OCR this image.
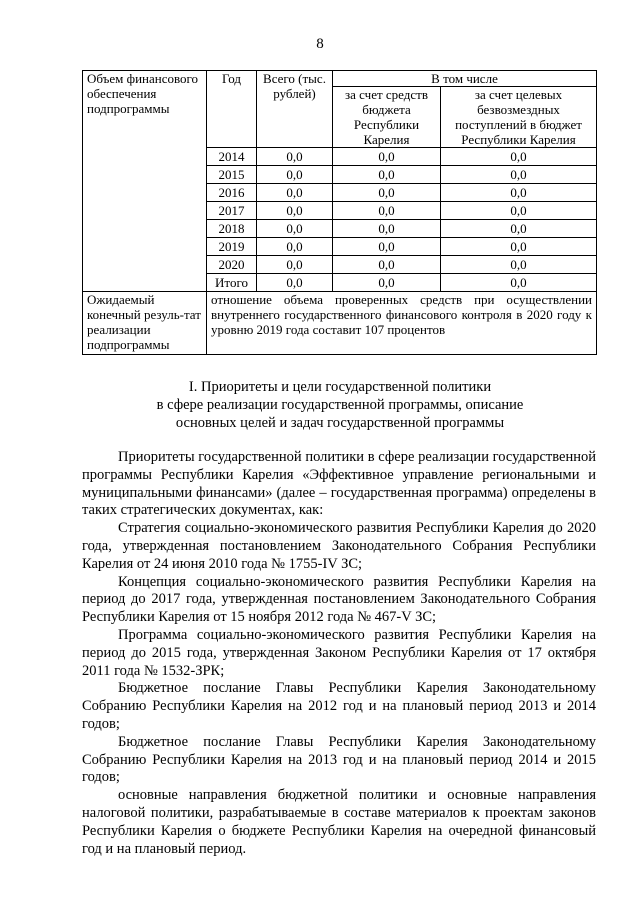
8
Объем финансового обеспечения подпрограммы	Год	Всего (тыс. рублей)	В том числе	
			за счет средств бюджета Республики Карелия	за счет целевых безвозмездных поступлений в бюджет Республики Карелия
	2014	0,0	0,0	0,0
	2015	0,0	0,0	0,0
	2016	0,0	0,0	0,0
	2017	0,0	0,0	0,0
	2018	0,0	0,0	0,0
	2019	0,0	0,0	0,0
	2020	0,0	0,0	0,0
	Итого	0,0	0,0	0,0
Ожидаемый конечный резуль-тат реализации подпрограммы	отношение объема проверенных средств при осуществлении внутреннего государственного финансового контроля в 2020 году к уровню 2019 года составит 107 процентов			
I. Приоритеты и цели государственной политики
в сфере реализации государственной программы, описание
основных целей и задач государственной программы

Приоритеты государственной политики в сфере реализации государственной программы Республики Карелия «Эффективное управление региональными и муниципальными финансами» (далее – государственная программа) определены в таких стратегических документах, как:

Стратегия социально-экономического развития Республики Карелия до 2020 года, утвержденная постановлением Законодательного Собрания Республики Карелия от 24 июня 2010 года № 1755-IV ЗС;

Концепция социально-экономического развития Республики Карелия на период до 2017 года, утвержденная постановлением Законодательного Собрания Республики Карелия от 15 ноября 2012 года № 467-V ЗС;

Программа социально-экономического развития Республики Карелия на период до 2015 года, утвержденная Законом Республики Карелия от 17 октября 2011 года № 1532-ЗРК;

Бюджетное послание Главы Республики Карелия Законодательному Собранию Республики Карелия на 2012 год и на плановый период 2013 и 2014 годов;

Бюджетное послание Главы Республики Карелия Законодательному Собранию Республики Карелия на 2013 год и на плановый период 2014 и 2015 годов;

основные направления бюджетной политики и основные направления налоговой политики, разрабатываемые в составе материалов к проектам законов Республики Карелия о бюджете Республики Карелия на очередной финансовый год и на плановый период.
